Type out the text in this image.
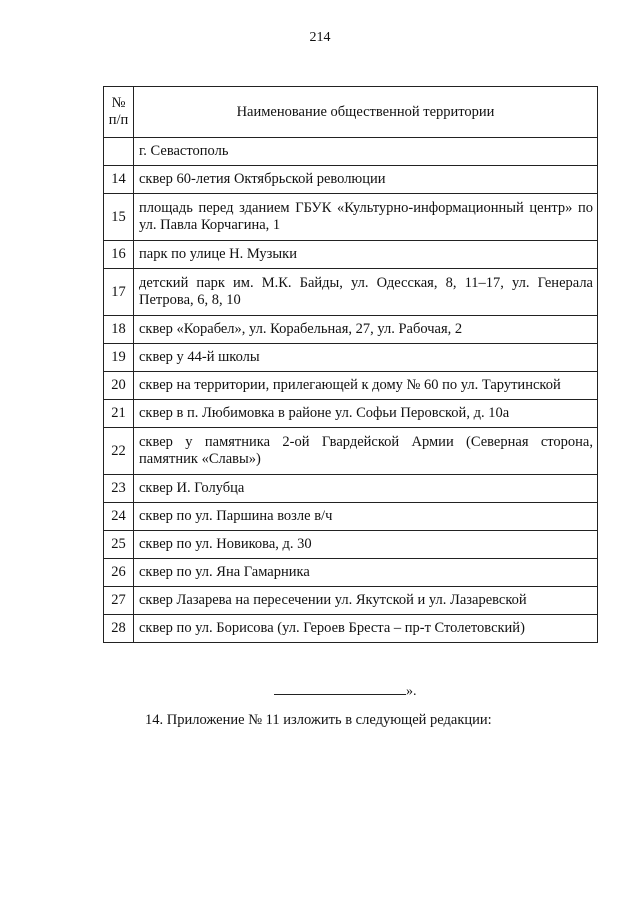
214
№
п/п	Наименование общественной территории
	г. Севастополь
14	сквер 60-летия Октябрьской революции
15	площадь перед зданием ГБУК «Культурно-информационный центр» по ул. Павла Корчагина, 1
16	парк по улице Н. Музыки
17	детский парк им. М.К. Байды, ул. Одесская, 8, 11–17, ул. Генерала Петрова, 6, 8, 10
18	сквер «Корабел», ул. Корабельная, 27, ул. Рабочая, 2
19	сквер у 44-й школы
20	сквер на территории, прилегающей к дому № 60 по ул. Тарутинской
21	сквер в п. Любимовка в районе ул. Софьи Перовской, д. 10а
22	сквер у памятника 2-ой Гвардейской Армии (Северная сторона, памятник «Славы»)
23	сквер И. Голубца
24	сквер по ул. Паршина возле в/ч
25	сквер по ул. Новикова, д. 30
26	сквер по ул. Яна Гамарника
27	сквер Лазарева на пересечении ул. Якутской и ул. Лазаревской
28	сквер по ул. Борисова (ул. Героев Бреста – пр-т Столетовский)
».
14. Приложение № 11 изложить в следующей редакции:
